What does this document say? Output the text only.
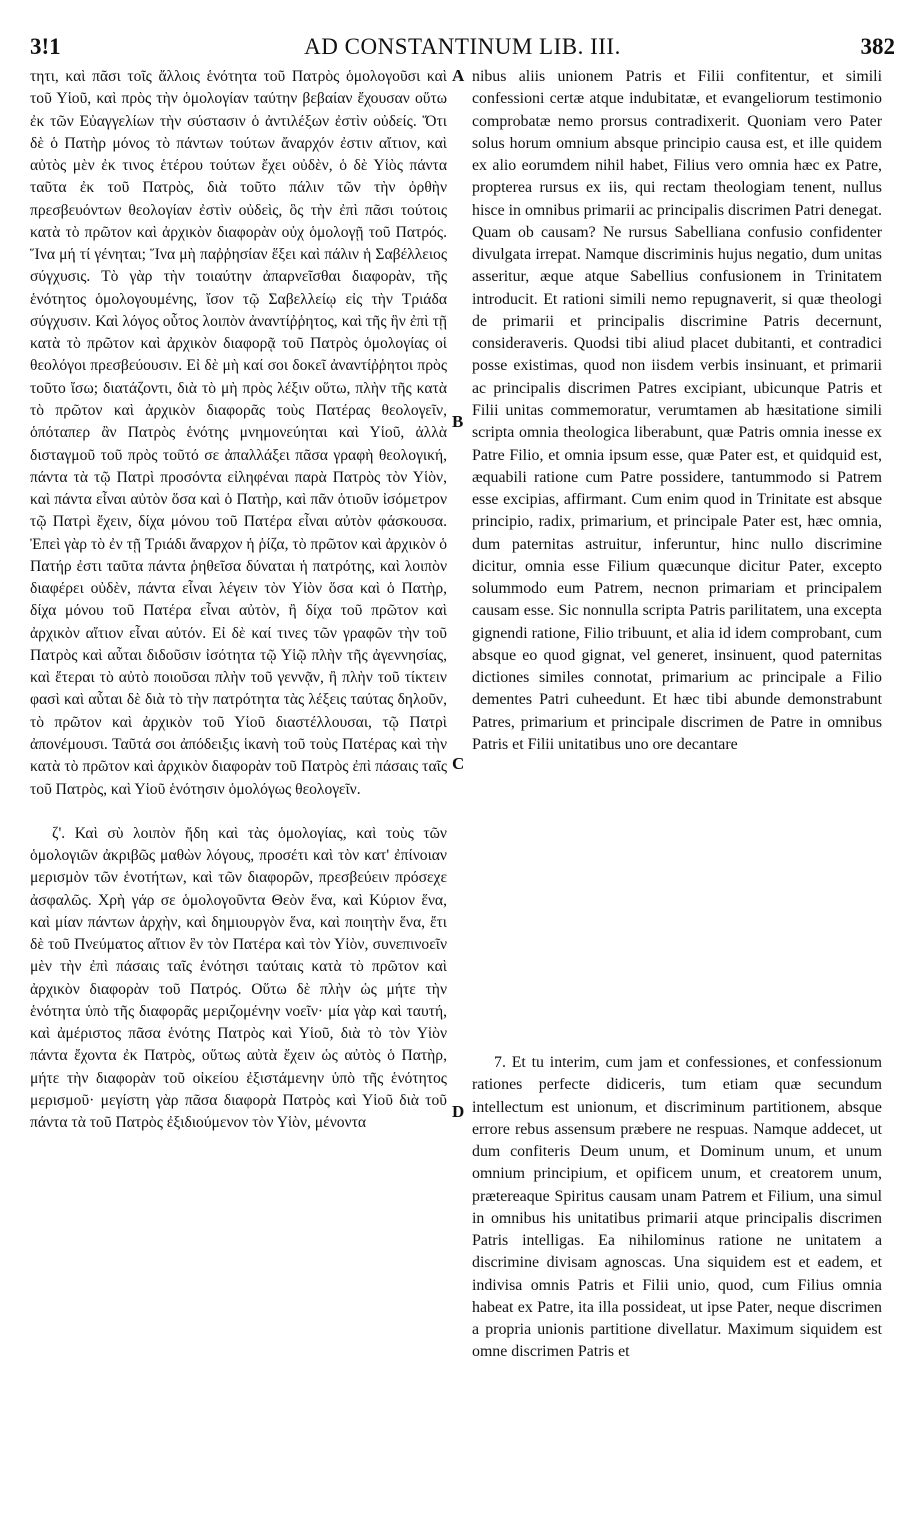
3!1	AD CONSTANTINUM LIB. III.	382

τητι, καὶ πᾶσι τοῖς ἄλλοις ἑνότητα τοῦ Πατρὸς ὁμολογοῦσι καὶ τοῦ Υἱοῦ, καὶ πρὸς τὴν ὁμολογίαν ταύτην βεβαίαν ἔχουσαν οὕτω ἐκ τῶν Εὐαγγελίων τὴν σύστασιν ὁ ἀντιλέξων ἐστὶν οὐδείς. Ὅτι δὲ ὁ Πατὴρ μόνος τὸ πάντων τούτων ἄναρχόν ἐστιν αἴτιον, καὶ αὐτὸς μὲν ἐκ τινος ἑτέρου τούτων ἔχει οὐδὲν, ὁ δὲ Υἱὸς πάντα ταῦτα ἐκ τοῦ Πατρὸς, διὰ τοῦτο πάλιν τῶν τὴν ὀρθὴν πρεσβευόντων θεολογίαν ἐστὶν οὐδεὶς, ὃς τὴν ἐπὶ πᾶσι τούτοις κατὰ τὸ πρῶτον καὶ ἀρχικὸν διαφορὰν οὐχ ὁμολογῇ τοῦ Πατρός. Ἵνα μή τί γένηται; Ἵνα μὴ παῤῥησίαν ἕξει καὶ πάλιν ἡ Σαβέλλειος σύγχυσις. Τὸ γὰρ τὴν τοιαύτην ἀπαρνεῖσθαι διαφορὰν, τῆς ἑνότητος ὁμολογουμένης, ἴσον τῷ Σαβελλείῳ εἰς τὴν Τριάδα σύγχυσιν. Καὶ λόγος οὗτος λοιπὸν ἀναντίῤῥητος, καὶ τῆς ἣν ἐπὶ τῇ κατὰ τὸ πρῶτον καὶ ἀρχικὸν διαφορᾷ τοῦ Πατρὸς ὁμολογίας οἱ θεολόγοι πρεσβεύουσιν. Εἰ δὲ μὴ καί σοι δοκεῖ ἀναντίῤῥητοι πρὸς τοῦτο ἴσω; διατάζοντι, διὰ τὸ μὴ πρὸς λέξιν οὕτω, πλὴν τῆς κατὰ τὸ πρῶτον καὶ ἀρχικὸν διαφορᾶς τοὺς Πατέρας θεολογεῖν, ὁπόταπερ ἂν Πατρὸς ἑνότης μνημονεύηται καὶ Υἱοῦ, ἀλλὰ δισταγμοῦ τοῦ πρὸς τοῦτό σε ἀπαλλάξει πᾶσα γραφὴ θεολογική, πάντα τὰ τῷ Πατρὶ προσόντα εἰληφέναι παρὰ Πατρὸς τὸν Υἱὸν, καὶ πάντα εἶναι αὐτὸν ὅσα καὶ ὁ Πατὴρ, καὶ πᾶν ὁτιοῦν ἰσόμετρον τῷ Πατρὶ ἔχειν, δίχα μόνου τοῦ Πατέρα εἶναι αὐτὸν φάσκουσα. Ἐπεὶ γὰρ τὸ ἐν τῇ Τριάδι ἄναρχον ἡ ῥίζα, τὸ πρῶτον καὶ ἀρχικὸν ὁ Πατήρ ἐστι ταῦτα πάντα ῥηθεῖσα δύναται ἡ πατρότης, καὶ λοιπὸν διαφέρει οὐδὲν, πάντα εἶναι λέγειν τὸν Υἱὸν ὅσα καὶ ὁ Πατὴρ, δίχα μόνου τοῦ Πατέρα εἶναι αὐτὸν, ἢ δίχα τοῦ πρῶτον καὶ ἀρχικὸν αἴτιον εἶναι αὐτόν. Εἰ δὲ καί τινες τῶν γραφῶν τὴν τοῦ Πατρὸς καὶ αὗται διδοῦσιν ἰσότητα τῷ Υἱῷ πλὴν τῆς ἀγεννησίας, καὶ ἕτεραι τὸ αὐτὸ ποιοῦσαι πλὴν τοῦ γεννᾷν, ἢ πλὴν τοῦ τίκτειν φασὶ καὶ αὗται δὲ διὰ τὸ τὴν πατρότητα τὰς λέξεις ταύτας δηλοῦν, τὸ πρῶτον καὶ ἀρχικὸν τοῦ Υἱοῦ διαστέλλουσαι, τῷ Πατρὶ ἀπονέμουσι. Ταῦτά σοι ἀπόδειξις ἱκανὴ τοῦ τοὺς Πατέρας καὶ τὴν κατὰ τὸ πρῶτον καὶ ἀρχικὸν διαφορὰν τοῦ Πατρὸς ἐπὶ πάσαις ταῖς τοῦ Πατρὸς, καὶ Υἱοῦ ἑνότησιν ὁμολόγως θεολογεῖν.

ζ'. Καὶ σὺ λοιπὸν ἤδη καὶ τὰς ὁμολογίας, καὶ τοὺς τῶν ὁμολογιῶν ἀκριβῶς μαθὼν λόγους, προσέτι καὶ τὸν κατ' ἐπίνοιαν μερισμὸν τῶν ἑνοτήτων, καὶ τῶν διαφορῶν, πρεσβεύειν πρόσεχε ἀσφαλῶς. Χρὴ γάρ σε ὁμολογοῦντα Θεὸν ἕνα, καὶ Κύριον ἕνα, καὶ μίαν πάντων ἀρχὴν, καὶ δημιουργὸν ἕνα, καὶ ποιητὴν ἕνα, ἔτι δὲ τοῦ Πνεύματος αἴτιον ἓν τὸν Πατέρα καὶ τὸν Υἱὸν, συνεπινοεῖν μὲν τὴν ἐπὶ πάσαις ταῖς ἑνότησι ταύταις κατὰ τὸ πρῶτον καὶ ἀρχικὸν διαφορὰν τοῦ Πατρός. Οὕτω δὲ πλὴν ὡς μήτε τὴν ἑνότητα ὑπὸ τῆς διαφορᾶς μεριζομένην νοεῖν· μία γὰρ καὶ ταυτή, καὶ ἀμέριστος πᾶσα ἑνότης Πατρὸς καὶ Υἱοῦ, διὰ τὸ τὸν Υἱὸν πάντα ἔχοντα ἐκ Πατρὸς, οὕτως αὐτὰ ἔχειν ὡς αὐτὸς ὁ Πατὴρ, μήτε τὴν διαφορὰν τοῦ οἰκείου ἐξιστάμενην ὑπὸ τῆς ἑνότητος μερισμοῦ· μεγίστη γὰρ πᾶσα διαφορὰ Πατρὸς καὶ Υἱοῦ διὰ τοῦ πάντα τὰ τοῦ Πατρὸς ἐξιδιούμενον τὸν Υἱὸν, μένοντα

nibus aliis unionem Patris et Filii confitentur, et simili confessioni certæ atque indubitatæ, et evangeliorum testimonio comprobatæ nemo prorsus contradixerit. Quoniam vero Pater solus horum omnium absque principio causa est, et ille quidem ex alio eorumdem nihil habet, Filius vero omnia hæc ex Patre, propterea rursus ex iis, qui rectam theologiam tenent, nullus hisce in omnibus primarii ac principalis discrimen Patri denegat. Quam ob causam? Ne rursus Sabelliana confusio confidenter divulgata irrepat. Namque discriminis hujus negatio, dum unitas asseritur, æque atque Sabellius confusionem in Trinitatem introducit. Et rationi simili nemo repugnaverit, si quæ theologi de primarii et principalis discrimine Patris decernunt, consideraveris. Quodsi tibi aliud placet dubitanti, et contradici posse existimas, quod non iisdem verbis insinuant, et primarii ac principalis discrimen Patres excipiant, ubicunque Patris et Filii unitas commemoratur, verumtamen ab hæsitatione simili scripta omnia theologica liberabunt, quæ Patris omnia inesse ex Patre Filio, et omnia ipsum esse, quæ Pater est, et quidquid est, æquabili ratione cum Patre possidere, tantummodo si Patrem esse excipias, affirmant. Cum enim quod in Trinitate est absque principio, radix, primarium, et principale Pater est, hæc omnia, dum paternitas astruitur, inferuntur, hinc nullo discrimine dicitur, omnia esse Filium quæcunque dicitur Pater, excepto solummodo eum Patrem, necnon primariam et principalem causam esse. Sic nonnulla scripta Patris parilitatem, una excepta gignendi ratione, Filio tribuunt, et alia id idem comprobant, cum absque eo quod gignat, vel generet, insinuent, quod paternitas dictiones similes connotat, primarium ac principale a Filio dementes Patri cuheedunt. Et hæc tibi abunde demonstrabunt Patres, primarium et principale discrimen de Patre in omnibus Patris et Filii unitatibus uno ore decantare

7. Et tu interim, cum jam et confessiones, et confessionum rationes perfecte didiceris, tum etiam quæ secundum intellectum est unionum, et discriminum partitionem, absque errore rebus assensum præbere ne respuas. Namque addecet, ut dum confiteris Deum unum, et Dominum unum, et unum omnium principium, et opificem unum, et creatorem unum, prætereaque Spiritus causam unam Patrem et Filium, una simul in omnibus his unitatibus primarii atque principalis discrimen Patris intelligas. Ea nihilominus ratione ne unitatem a discrimine divisam agnoscas. Una siquidem est et eadem, et indivisa omnis Patris et Filii unio, quod, cum Filius omnia habeat ex Patre, ita illa possideat, ut ipse Pater, neque discrimen a propria unionis partitione divellatur. Maximum siquidem est omne discrimen Patris et

A
B
C
D
